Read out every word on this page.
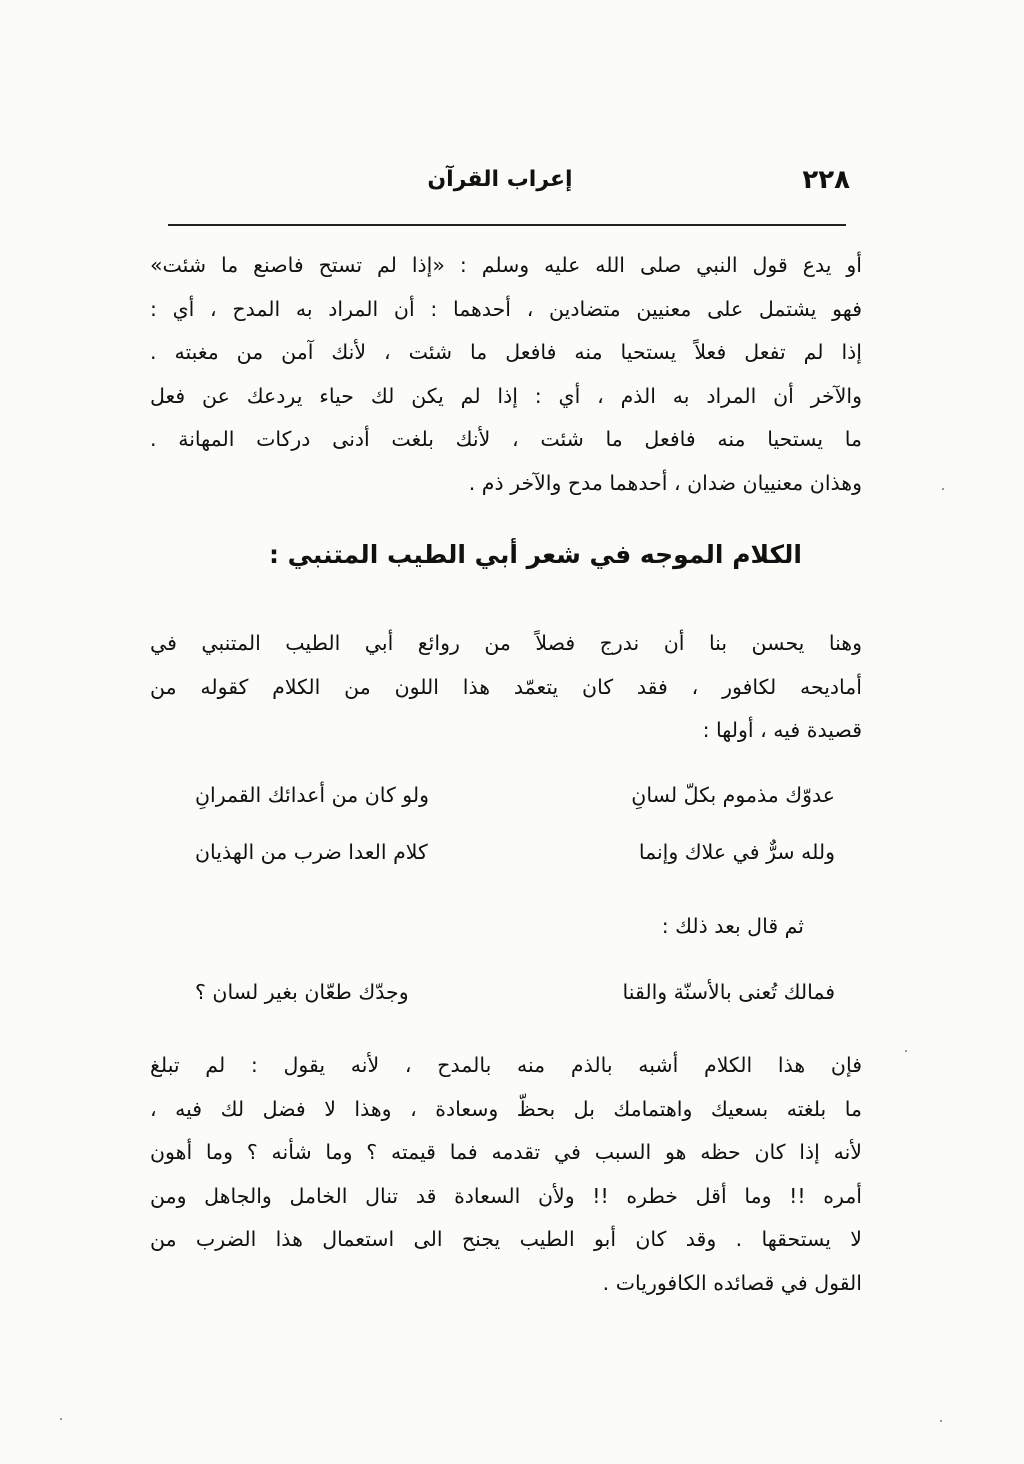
٢٢٨
إعراب القرآن

أو يدع قول النبي صلى الله عليه وسلم : «إذا لم تستح فاصنع ما شئت»
فهو يشتمل على معنيين متضادين ، أحدهما : أن المراد به المدح ، أي :
إذا لم تفعل فعلاً يستحيا منه فافعل ما شئت ، لأنك آمن من مغبته .
والآخر أن المراد به الذم ، أي : إذا لم يكن لك حياء يردعك عن فعل
ما يستحيا منه فافعل ما شئت ، لأنك بلغت أدنى دركات المهانة .
وهذان معنييان ضدان ، أحدهما مدح والآخر ذم .

الكلام الموجه في شعر أبي الطيب المتنبي :

وهنا يحسن بنا أن ندرج فصلاً من روائع أبي الطيب المتنبي في
أماديحه لكافور ، فقد كان يتعمّد هذا اللون من الكلام كقوله من
قصيدة فيه ، أولها :

عدوّك مذموم بكلّ لسانِ
ولو كان من أعدائك القمرانِ
ولله سرٌّ في علاك وإنما
كلام العدا ضرب من الهذيان
ثم قال بعد ذلك :
فمالك تُعنى بالأسنّة والقنا
وجدّك طعّان بغير لسان ؟

فإن هذا الكلام أشبه بالذم منه بالمدح ، لأنه يقول : لم تبلغ
ما بلغته بسعيك واهتمامك بل بحظّ وسعادة ، وهذا لا فضل لك فيه ،
لأنه إذا كان حظه هو السبب في تقدمه فما قيمته ؟ وما شأنه ؟ وما أهون
أمره !! وما أقل خطره !! ولأن السعادة قد تنال الخامل والجاهل ومن
لا يستحقها . وقد كان أبو الطيب يجنح الى استعمال هذا الضرب من
القول في قصائده الكافوريات .
